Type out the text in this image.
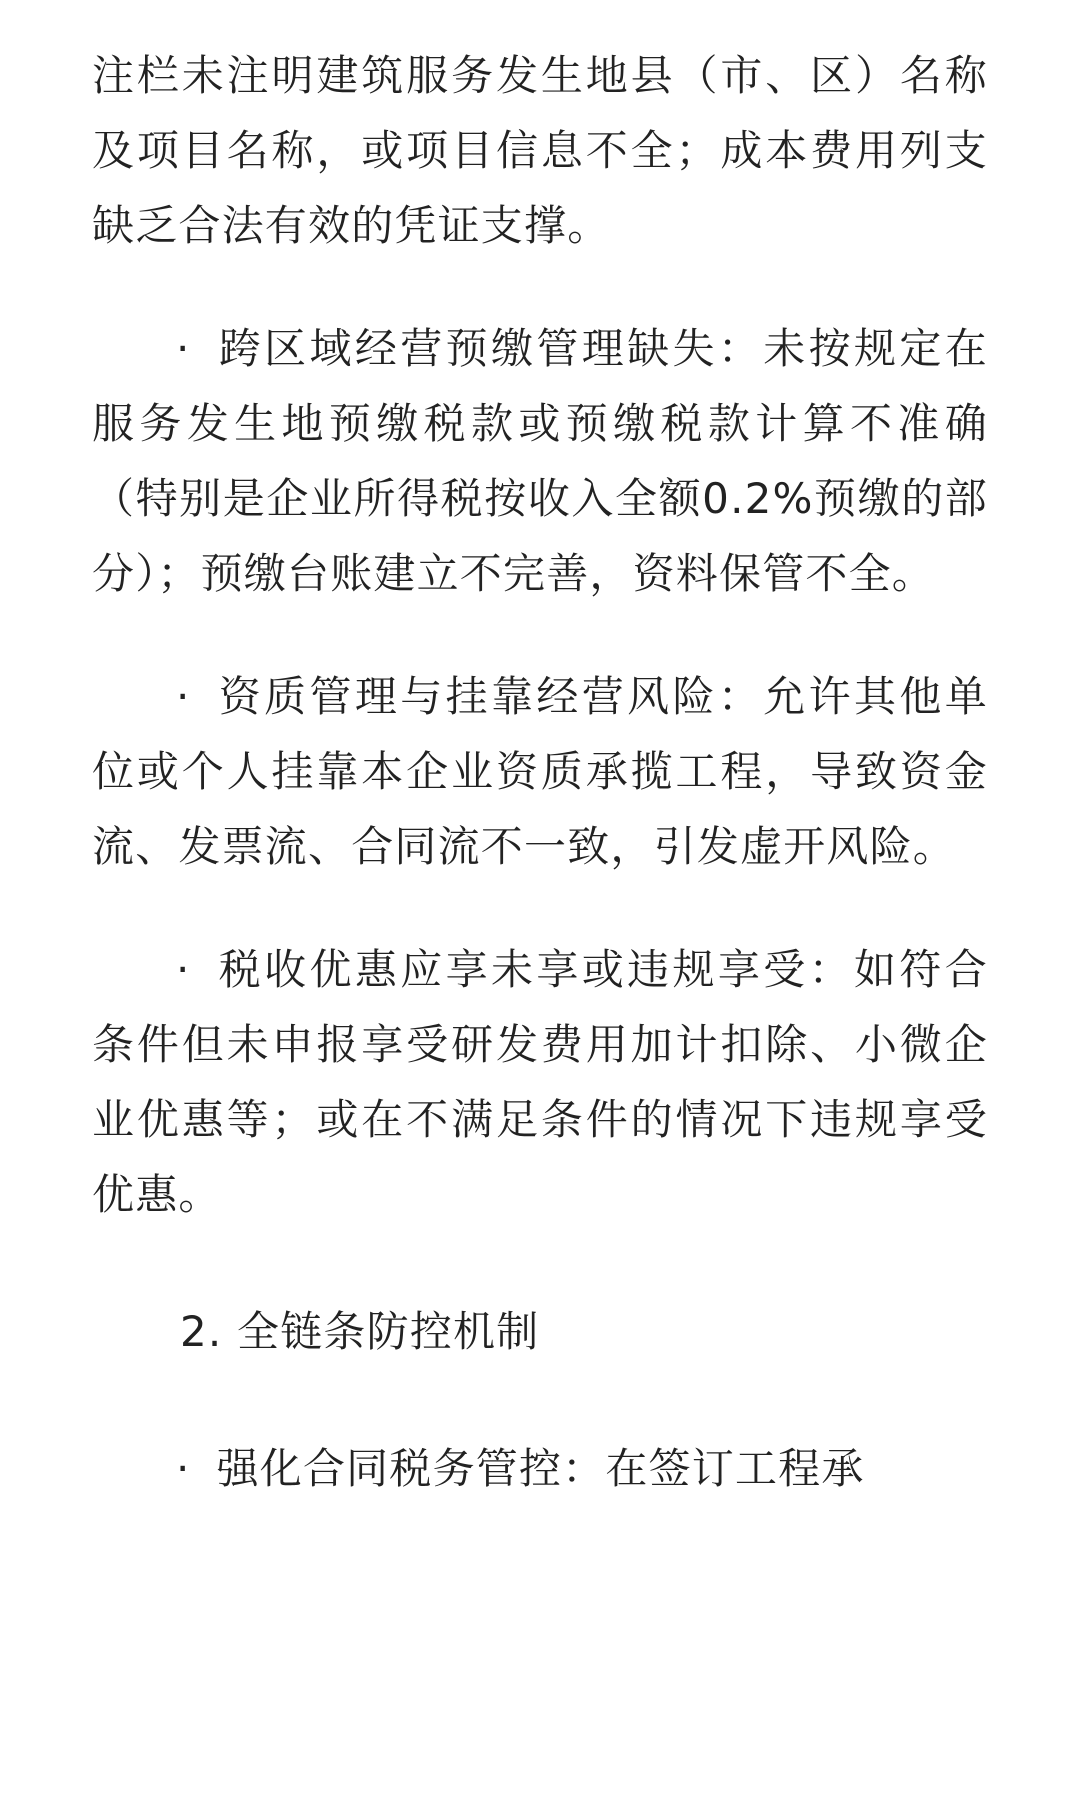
注栏未注明建筑服务发生地县（市、区）名称及项目名称，或项目信息不全；成本费用列支缺乏合法有效的凭证支撑。

· 跨区域经营预缴管理缺失：未按规定在服务发生地预缴税款或预缴税款计算不准确（特别是企业所得税按收入全额0.2%预缴的部分）；预缴台账建立不完善，资料保管不全。

· 资质管理与挂靠经营风险：允许其他单位或个人挂靠本企业资质承揽工程，导致资金流、发票流、合同流不一致，引发虚开风险。

· 税收优惠应享未享或违规享受：如符合条件但未申报享受研发费用加计扣除、小微企业优惠等；或在不满足条件的情况下违规享受优惠。

2. 全链条防控机制

· 强化合同税务管控：在签订工程承
